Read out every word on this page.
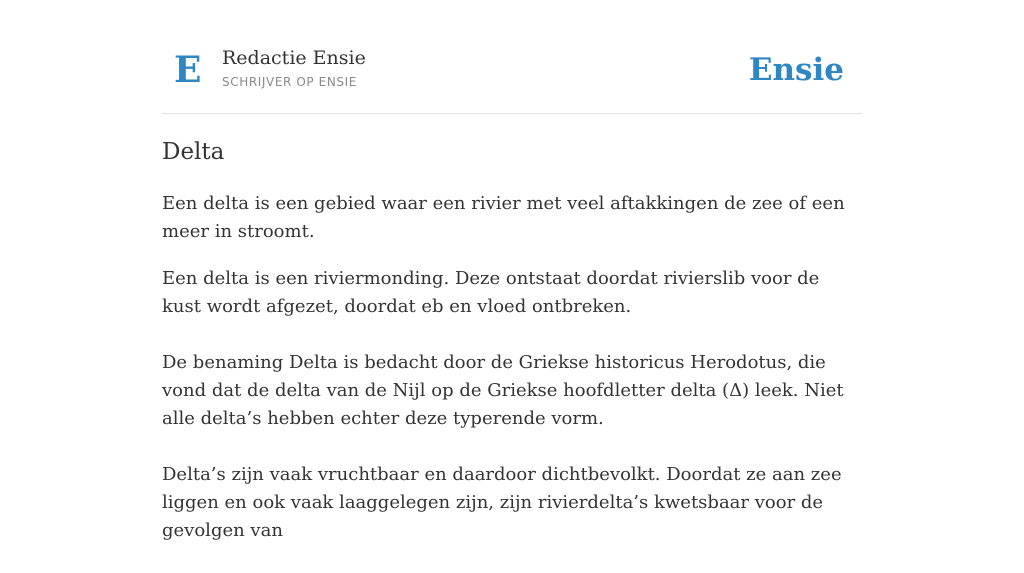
E Redactie Ensie
SCHRIJVER OP ENSIE	Ensie
Delta

Een delta is een gebied waar een rivier met veel aftakkingen de zee of een meer in stroomt.

Een delta is een riviermonding. Deze ontstaat doordat rivierslib voor de kust wordt afgezet, doordat eb en vloed ontbreken.

De benaming Delta is bedacht door de Griekse historicus Herodotus, die vond dat de delta van de Nijl op de Griekse hoofdletter delta (Δ) leek. Niet alle delta’s hebben echter deze typerende vorm.

Delta’s zijn vaak vruchtbaar en daardoor dichtbevolkt. Doordat ze aan zee liggen en ook vaak laaggelegen zijn, zijn rivierdelta’s kwetsbaar voor de gevolgen van
